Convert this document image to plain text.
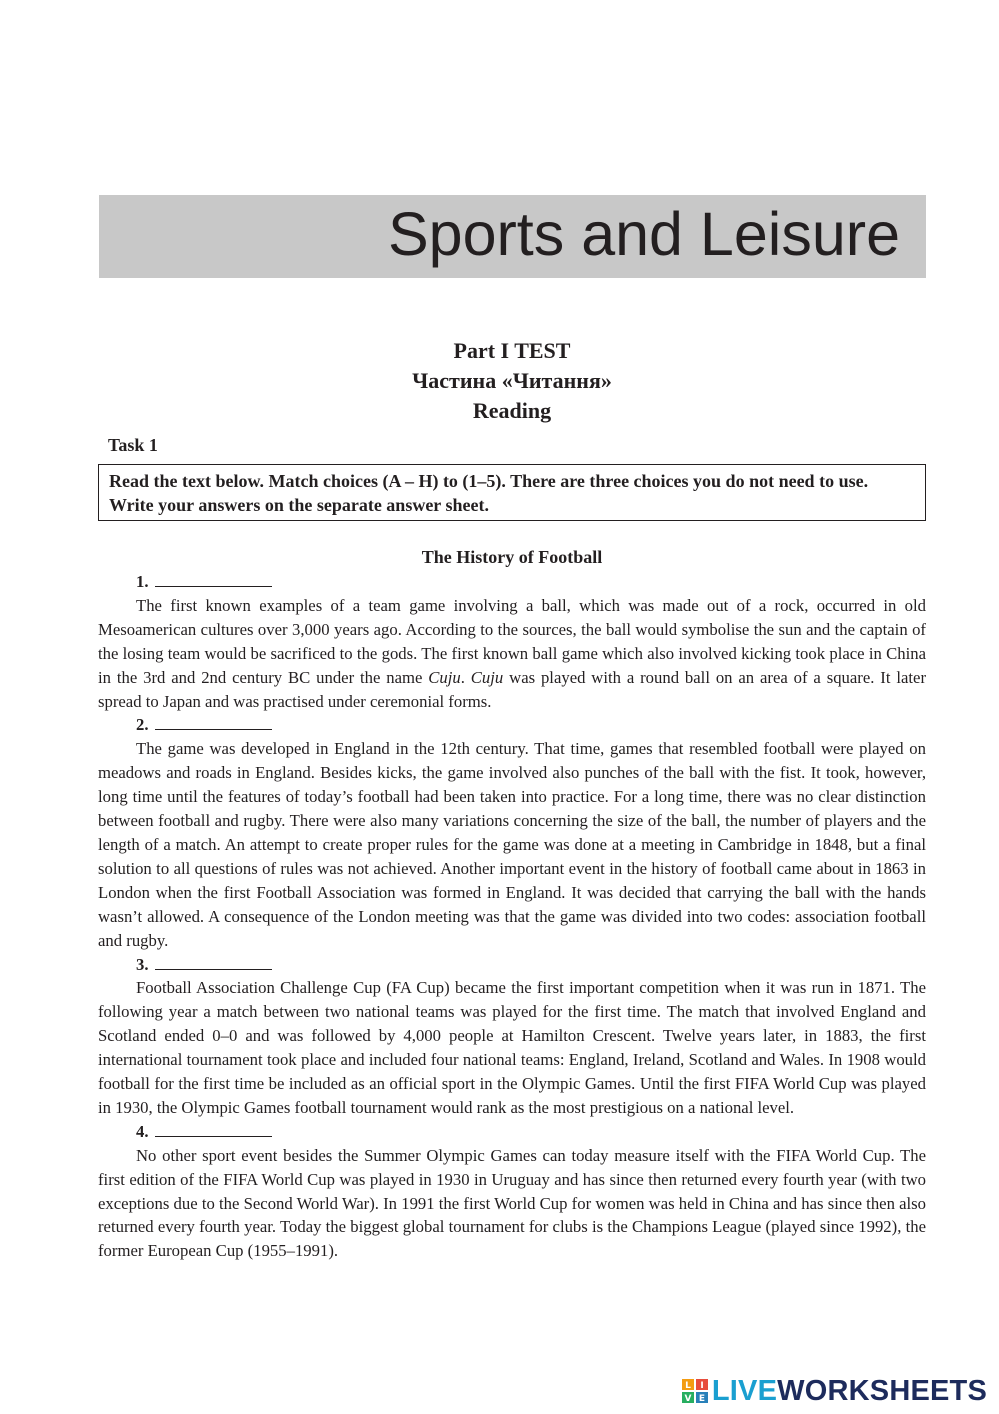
Sports and Leisure
Part I TEST
Частина «Читання»
Reading
Task 1
Read the text below. Match choices (A – H) to (1–5). There are three choices you do not need to use. Write your answers on the separate answer sheet.
The History of Football
1.

The first known examples of a team game involving a ball, which was made out of a rock, occurred in old Mesoamerican cultures over 3,000 years ago. According to the sources, the ball would symbolise the sun and the captain of the losing team would be sacrificed to the gods. The first known ball game which also involved kicking took place in China in the 3rd and 2nd century BC under the name Cuju. Cuju was played with a round ball on an area of a square. It later spread to Japan and was practised under ceremonial forms.

2.

The game was developed in England in the 12th century. That time, games that resembled football were played on meadows and roads in England. Besides kicks, the game involved also punches of the ball with the fist. It took, however, long time until the features of today’s football had been taken into practice. For a long time, there was no clear distinction between football and rugby. There were also many variations concerning the size of the ball, the number of players and the length of a match. An attempt to create proper rules for the game was done at a meeting in Cambridge in 1848, but a final solution to all questions of rules was not achieved. Another important event in the history of football came about in 1863 in London when the first Football Association was formed in England. It was decided that carrying the ball with the hands wasn’t allowed. A consequence of the London meeting was that the game was divided into two codes: association football and rugby.

3.

Football Association Challenge Cup (FA Cup) became the first important competition when it was run in 1871. The following year a match between two national teams was played for the first time. The match that involved England and Scotland ended 0–0 and was followed by 4,000 people at Hamilton Crescent. Twelve years later, in 1883, the first international tournament took place and included four national teams: England, Ireland, Scotland and Wales. In 1908 would football for the first time be included as an official sport in the Olympic Games. Until the first FIFA World Cup was played in 1930, the Olympic Games football tournament would rank as the most prestigious on a national level.

4.

No other sport event besides the Summer Olympic Games can today measure itself with the FIFA World Cup. The first edition of the FIFA World Cup was played in 1930 in Uruguay and has since then returned every fourth year (with two exceptions due to the Second World War). In 1991 the first World Cup for women was held in China and has since then also returned every fourth year. Today the biggest global tournament for clubs is the Champions League (played since 1992), the former European Cup (1955–1991).

L I
V E LIVEWORKSHEETS
